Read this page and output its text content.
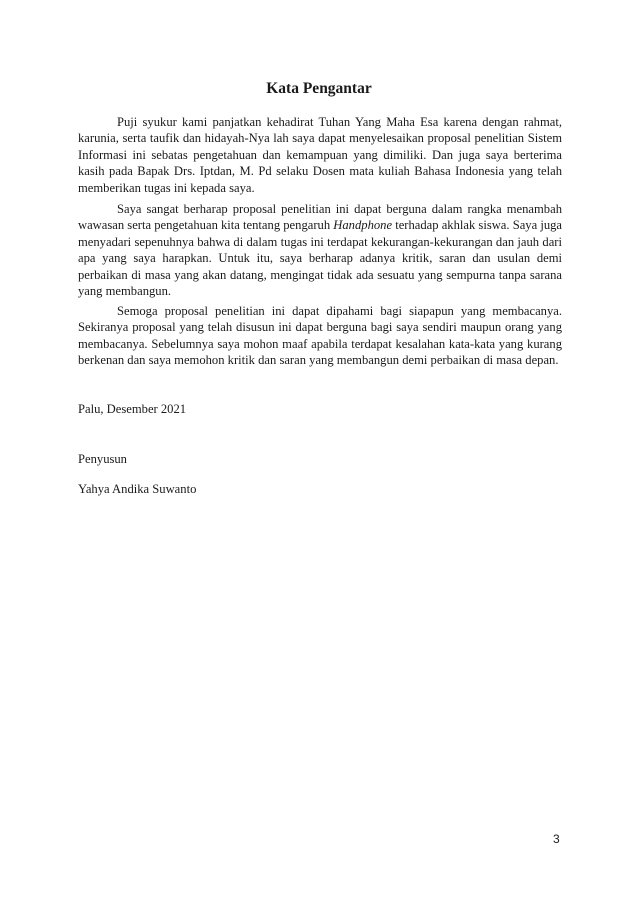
Kata Pengantar

Puji syukur kami panjatkan kehadirat Tuhan Yang Maha Esa karena dengan rahmat, karunia, serta taufik dan hidayah-Nya lah saya dapat menyelesaikan proposal penelitian Sistem Informasi ini sebatas pengetahuan dan kemampuan yang dimiliki. Dan juga saya berterima kasih pada Bapak Drs. Iptdan, M. Pd selaku Dosen mata kuliah Bahasa Indonesia yang telah memberikan tugas ini kepada saya.

Saya sangat berharap proposal penelitian ini dapat berguna dalam rangka menambah wawasan serta pengetahuan kita tentang pengaruh Handphone terhadap akhlak siswa. Saya juga menyadari sepenuhnya bahwa di dalam tugas ini terdapat kekurangan-kekurangan dan jauh dari apa yang saya harapkan. Untuk itu, saya berharap adanya kritik, saran dan usulan demi perbaikan di masa yang akan datang, mengingat tidak ada sesuatu yang sempurna tanpa sarana yang membangun.

Semoga proposal penelitian ini dapat dipahami bagi siapapun yang membacanya. Sekiranya proposal yang telah disusun ini dapat berguna bagi saya sendiri maupun orang yang membacanya. Sebelumnya saya mohon maaf apabila terdapat kesalahan kata-kata yang kurang berkenan dan saya memohon kritik dan saran yang membangun demi perbaikan di masa depan.

Palu, Desember 2021

Penyusun

Yahya Andika Suwanto

3
